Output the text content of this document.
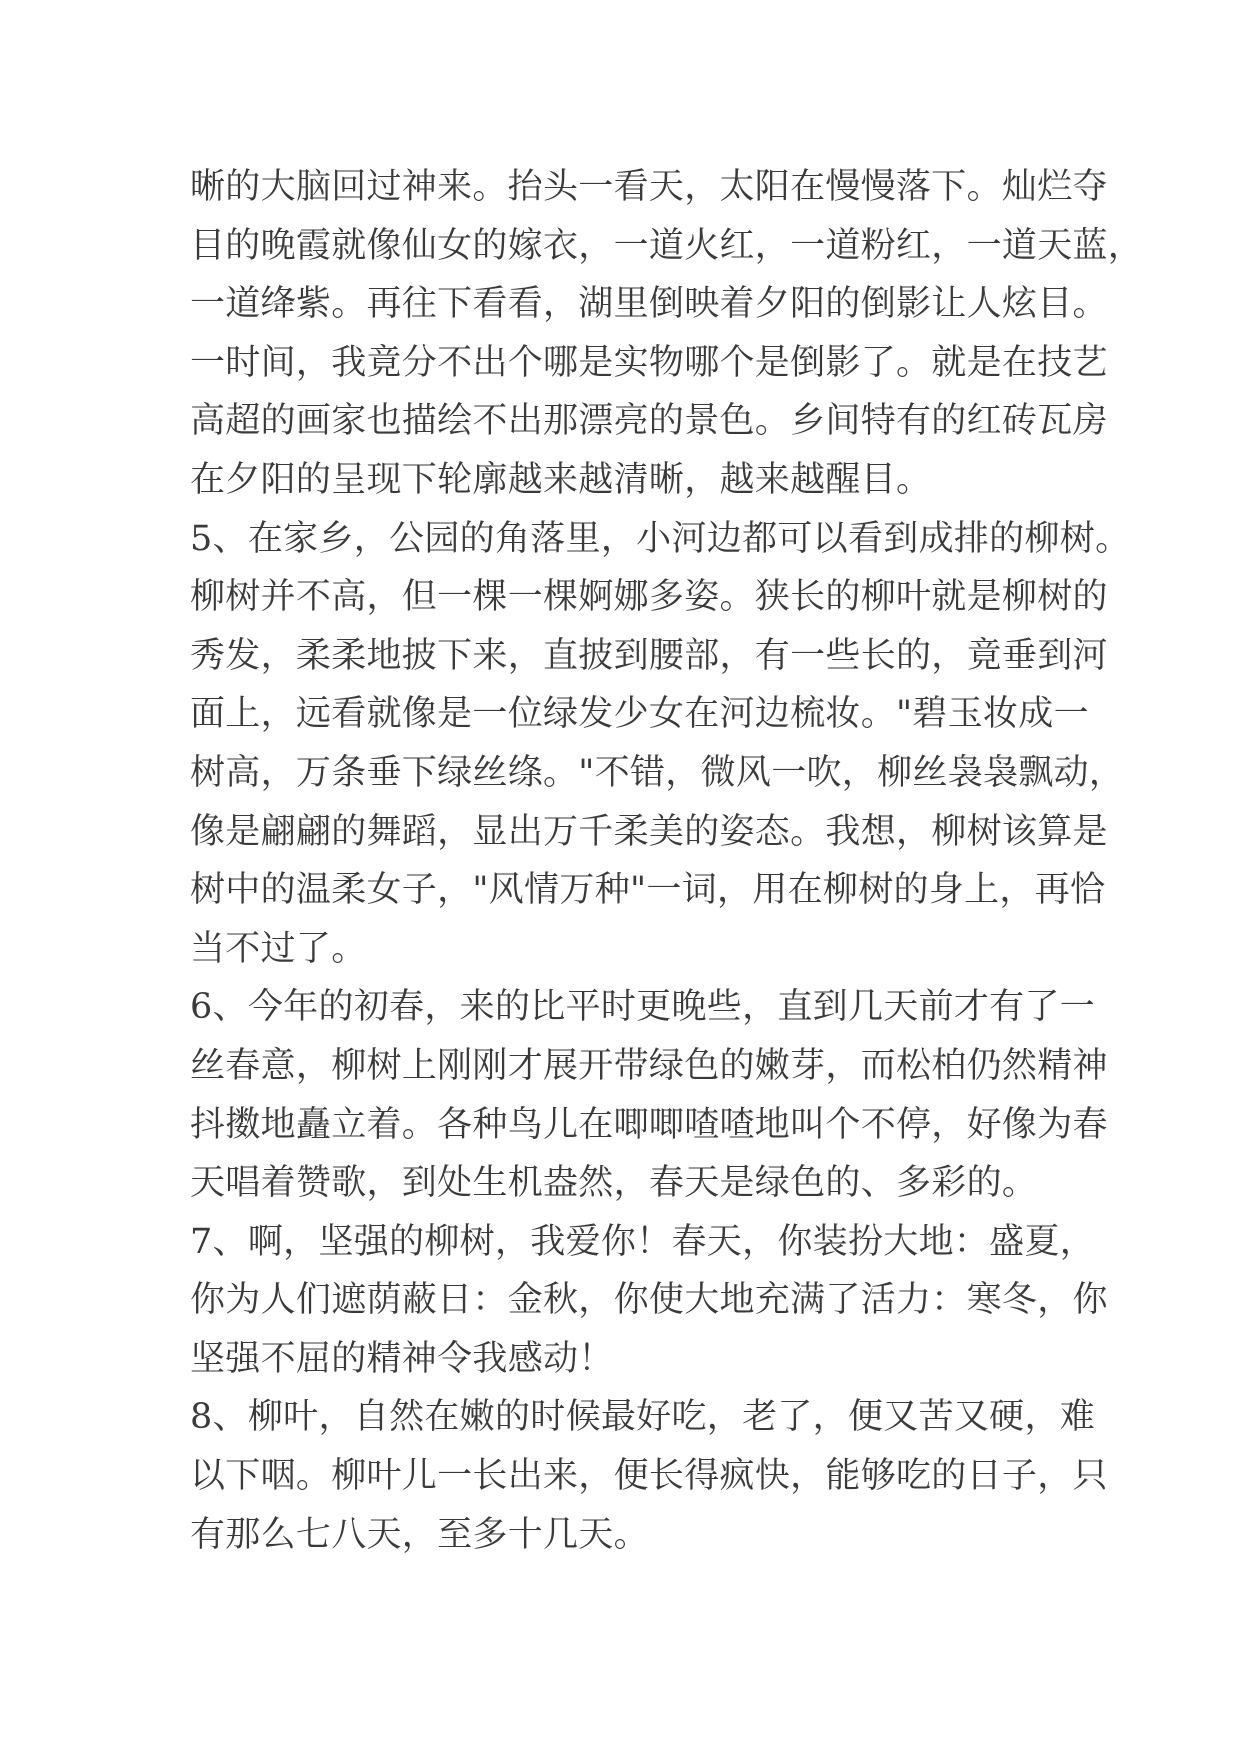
晰的大脑回过神来。抬头一看天，太阳在慢慢落下。灿烂夺
目的晚霞就像仙女的嫁衣，一道火红，一道粉红，一道天蓝，
一道绛紫。再往下看看，湖里倒映着夕阳的倒影让人炫目。
一时间，我竟分不出个哪是实物哪个是倒影了。就是在技艺
高超的画家也描绘不出那漂亮的景色。乡间特有的红砖瓦房
在夕阳的呈现下轮廓越来越清晰，越来越醒目。
5、在家乡，公园的角落里，小河边都可以看到成排的柳树。
柳树并不高，但一棵一棵婀娜多姿。狭长的柳叶就是柳树的
秀发，柔柔地披下来，直披到腰部，有一些长的，竟垂到河
面上，远看就像是一位绿发少女在河边梳妆。"碧玉妆成一
树高，万条垂下绿丝绦。"不错，微风一吹，柳丝袅袅飘动，
像是翩翩的舞蹈，显出万千柔美的姿态。我想，柳树该算是
树中的温柔女子，"风情万种"一词，用在柳树的身上，再恰
当不过了。
6、今年的初春，来的比平时更晚些，直到几天前才有了一
丝春意，柳树上刚刚才展开带绿色的嫩芽，而松柏仍然精神
抖擞地矗立着。各种鸟儿在唧唧喳喳地叫个不停，好像为春
天唱着赞歌，到处生机盎然，春天是绿色的、多彩的。
7、啊，坚强的柳树，我爱你！春天，你装扮大地：盛夏，
你为人们遮荫蔽日：金秋，你使大地充满了活力：寒冬，你
坚强不屈的精神令我感动！
8、柳叶，自然在嫩的时候最好吃，老了，便又苦又硬，难
以下咽。柳叶儿一长出来，便长得疯快，能够吃的日子，只
有那么七八天，至多十几天。
